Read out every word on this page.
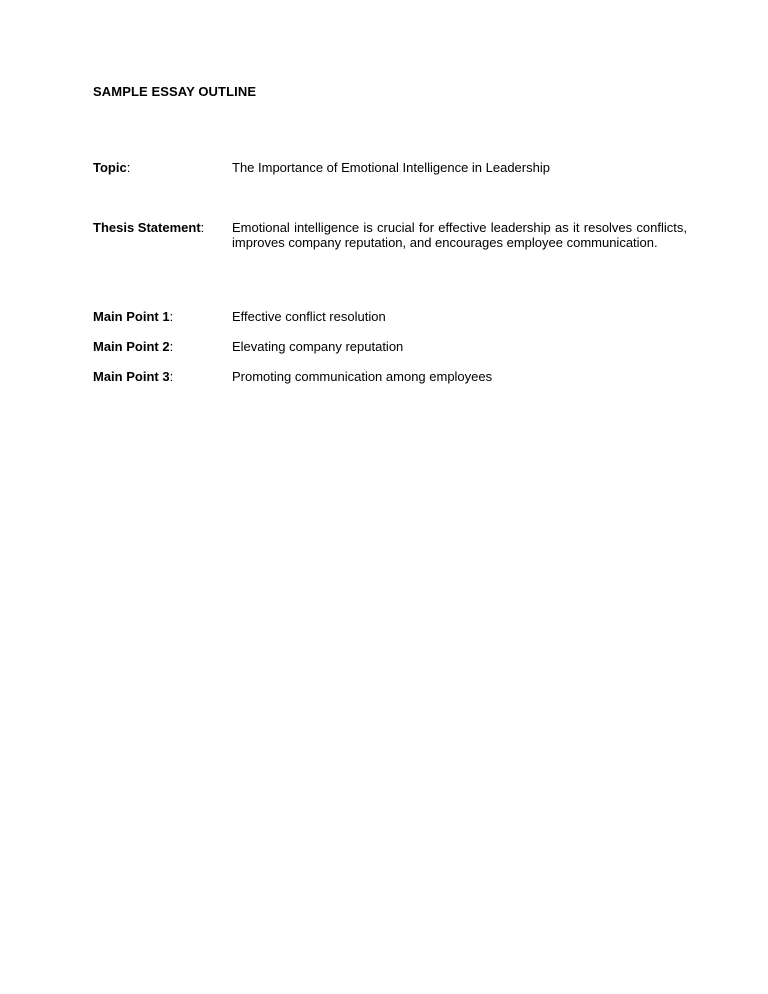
SAMPLE ESSAY OUTLINE
Topic:	The Importance of Emotional Intelligence in Leadership
Thesis Statement:	Emotional intelligence is crucial for effective leadership as it resolves conflicts, improves company reputation, and encourages employee communication.
Main Point 1:	Effective conflict resolution
Main Point 2:	Elevating company reputation
Main Point 3:	Promoting communication among employees
